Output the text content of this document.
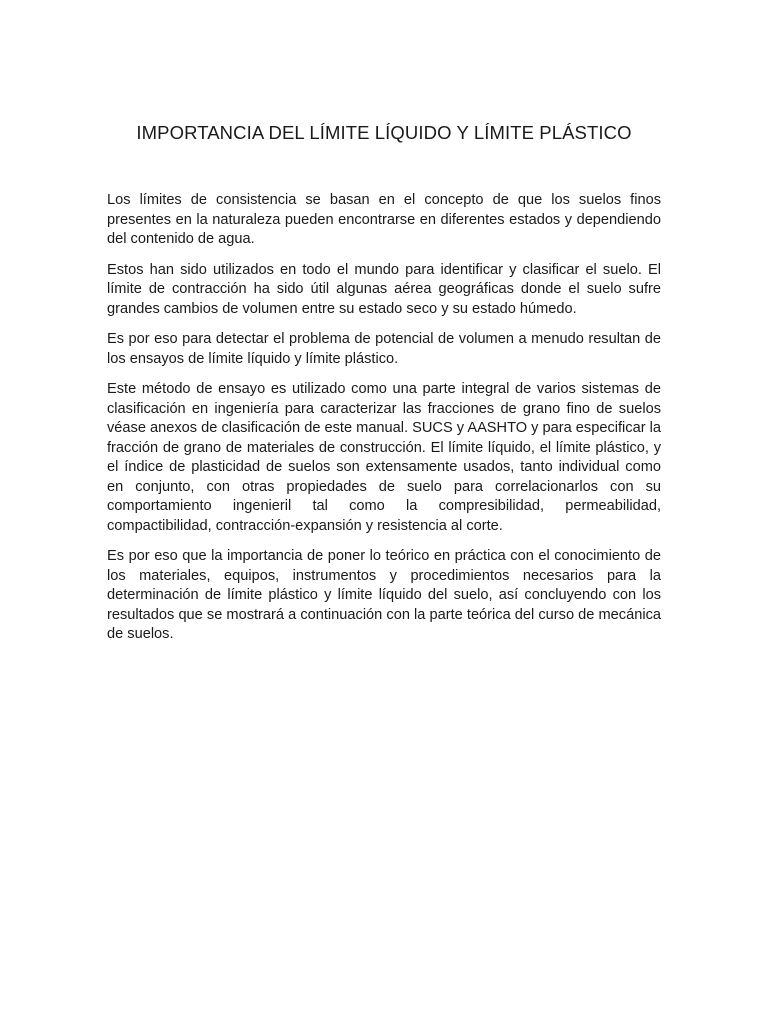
IMPORTANCIA DEL LÍMITE LÍQUIDO Y LÍMITE PLÁSTICO

Los límites de consistencia se basan en el concepto de que los suelos finos presentes en la naturaleza pueden encontrarse en diferentes estados y dependiendo del contenido de agua.

Estos han sido utilizados en todo el mundo para identificar y clasificar el suelo. El límite de contracción ha sido útil algunas aérea geográficas donde el suelo sufre grandes cambios de volumen entre su estado seco y su estado húmedo.

Es por eso para detectar el problema de potencial de volumen a menudo resultan de los ensayos de límite líquido y límite plástico.

Este método de ensayo es utilizado como una parte integral de varios sistemas de clasificación en ingeniería para caracterizar las fracciones de grano fino de suelos véase anexos de clasificación de este manual. SUCS y AASHTO y para especificar la fracción de grano de materiales de construcción. El límite líquido, el límite plástico, y el índice de plasticidad de suelos son extensamente usados, tanto individual como en conjunto, con otras propiedades de suelo para correlacionarlos con su comportamiento ingenieril tal como la compresibilidad, permeabilidad, compactibilidad, contracción-expansión y resistencia al corte.

Es por eso que la importancia de poner lo teórico en práctica con el conocimiento de los materiales, equipos, instrumentos y procedimientos necesarios para la determinación de límite plástico y límite líquido del suelo, así concluyendo con los resultados que se mostrará a continuación con la parte teórica del curso de mecánica de suelos.
